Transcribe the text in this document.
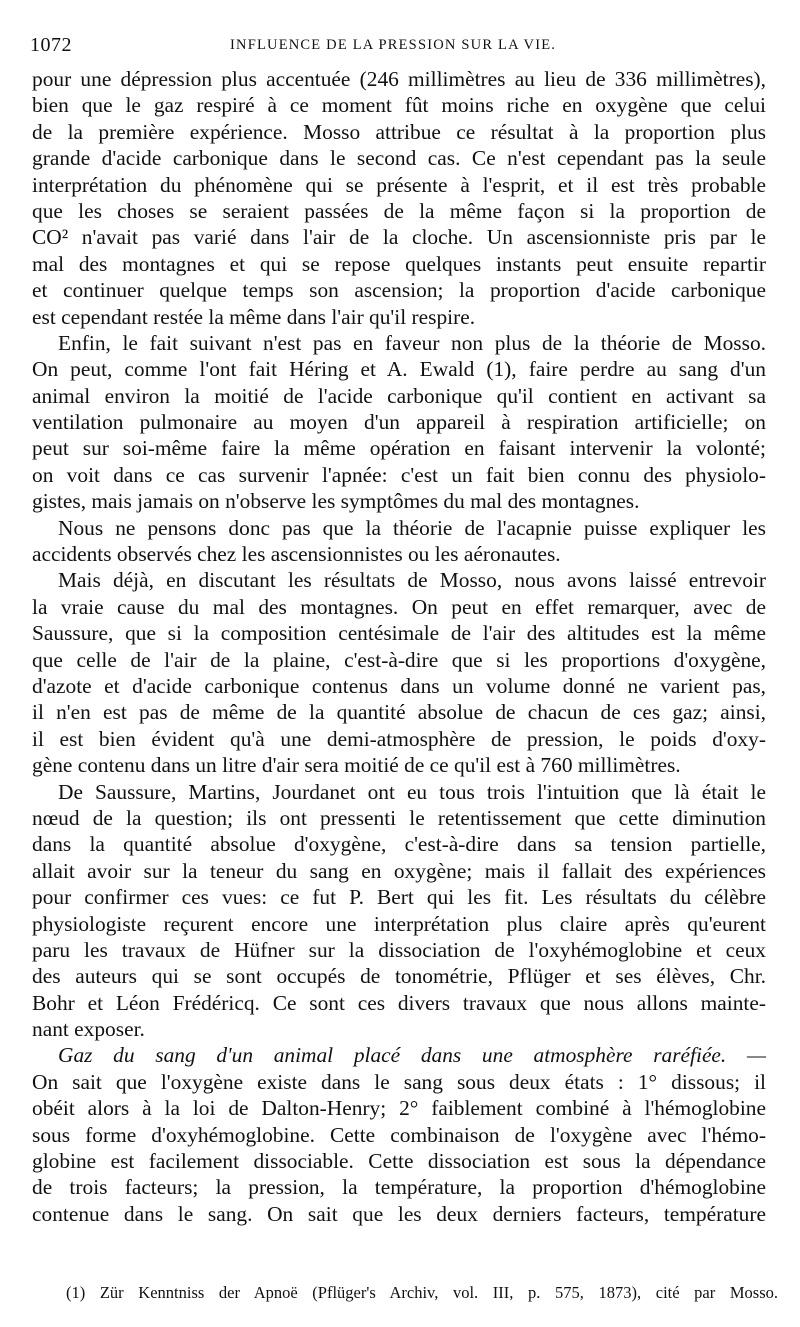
1072	INFLUENCE DE LA PRESSION SUR LA VIE.
pour une dépression plus accentuée (246 millimètres au lieu de 336 millimètres),
bien que le gaz respiré à ce moment fût moins riche en oxygène que celui
de la première expérience. Mosso attribue ce résultat à la proportion plus
grande d'acide carbonique dans le second cas. Ce n'est cependant pas la seule
interprétation du phénomène qui se présente à l'esprit, et il est très probable
que les choses se seraient passées de la même façon si la proportion de
CO² n'avait pas varié dans l'air de la cloche. Un ascensionniste pris par le
mal des montagnes et qui se repose quelques instants peut ensuite repartir
et continuer quelque temps son ascension; la proportion d'acide carbonique
est cependant restée la même dans l'air qu'il respire.
Enfin, le fait suivant n'est pas en faveur non plus de la théorie de Mosso.
On peut, comme l'ont fait Héring et A. Ewald (1), faire perdre au sang d'un
animal environ la moitié de l'acide carbonique qu'il contient en activant sa
ventilation pulmonaire au moyen d'un appareil à respiration artificielle; on
peut sur soi-même faire la même opération en faisant intervenir la volonté;
on voit dans ce cas survenir l'apnée: c'est un fait bien connu des physiolo-
gistes, mais jamais on n'observe les symptômes du mal des montagnes.
Nous ne pensons donc pas que la théorie de l'acapnie puisse expliquer les
accidents observés chez les ascensionnistes ou les aéronautes.
Mais déjà, en discutant les résultats de Mosso, nous avons laissé entrevoir
la vraie cause du mal des montagnes. On peut en effet remarquer, avec de
Saussure, que si la composition centésimale de l'air des altitudes est la même
que celle de l'air de la plaine, c'est-à-dire que si les proportions d'oxygène,
d'azote et d'acide carbonique contenus dans un volume donné ne varient pas,
il n'en est pas de même de la quantité absolue de chacun de ces gaz; ainsi,
il est bien évident qu'à une demi-atmosphère de pression, le poids d'oxy-
gène contenu dans un litre d'air sera moitié de ce qu'il est à 760 millimètres.
De Saussure, Martins, Jourdanet ont eu tous trois l'intuition que là était le
nœud de la question; ils ont pressenti le retentissement que cette diminution
dans la quantité absolue d'oxygène, c'est-à-dire dans sa tension partielle,
allait avoir sur la teneur du sang en oxygène; mais il fallait des expériences
pour confirmer ces vues: ce fut P. Bert qui les fit. Les résultats du célèbre
physiologiste reçurent encore une interprétation plus claire après qu'eurent
paru les travaux de Hüfner sur la dissociation de l'oxyhémoglobine et ceux
des auteurs qui se sont occupés de tonométrie, Pflüger et ses élèves, Chr.
Bohr et Léon Frédéricq. Ce sont ces divers travaux que nous allons mainte-
nant exposer.
Gaz du sang d'un animal placé dans une atmosphère raréfiée. —
On sait que l'oxygène existe dans le sang sous deux états : 1° dissous; il
obéit alors à la loi de Dalton-Henry; 2° faiblement combiné à l'hémoglobine
sous forme d'oxyhémoglobine. Cette combinaison de l'oxygène avec l'hémo-
globine est facilement dissociable. Cette dissociation est sous la dépendance
de trois facteurs; la pression, la température, la proportion d'hémoglobine
contenue dans le sang. On sait que les deux derniers facteurs, température
(1) Zür Kenntniss der Apnoë (Pflüger's Archiv, vol. III, p. 575, 1873), cité par Mosso.
